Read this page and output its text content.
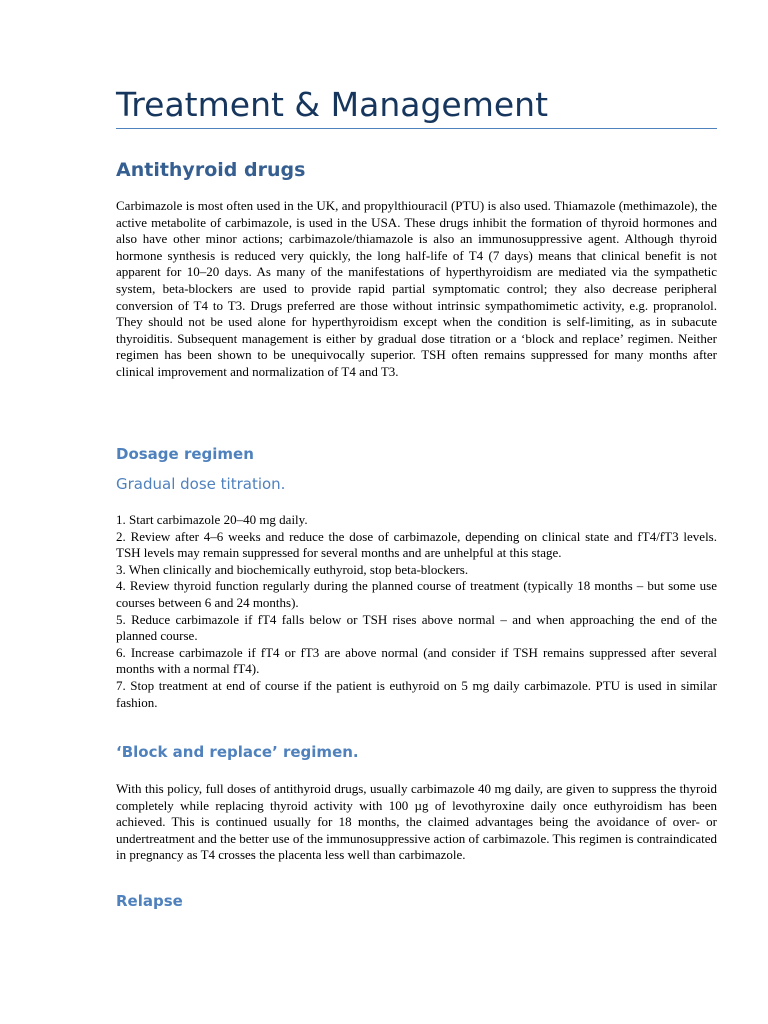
Treatment & Management
Antithyroid drugs

Carbimazole is most often used in the UK, and propylthiouracil (PTU) is also used. Thiamazole (methimazole), the active metabolite of carbimazole, is used in the USA. These drugs inhibit the formation of thyroid hormones and also have other minor actions; carbimazole/thiamazole is also an immunosuppressive agent. Although thyroid hormone synthesis is reduced very quickly, the long half-life of T4 (7 days) means that clinical benefit is not apparent for 10–20 days. As many of the manifestations of hyperthyroidism are mediated via the sympathetic system, beta-blockers are used to provide rapid partial symptomatic control; they also decrease peripheral conversion of T4 to T3. Drugs preferred are those without intrinsic sympathomimetic activity, e.g. propranolol. They should not be used alone for hyperthyroidism except when the condition is self-limiting, as in subacute thyroiditis. Subsequent management is either by gradual dose titration or a ‘block and replace’ regimen. Neither regimen has been shown to be unequivocally superior. TSH often remains suppressed for many months after clinical improvement and normalization of T4 and T3.

Dosage regimen
Gradual dose titration.
1. Start carbimazole 20–40 mg daily.
2. Review after 4–6 weeks and reduce the dose of carbimazole, depending on clinical state and fT4/fT3 levels. TSH levels may remain suppressed for several months and are unhelpful at this stage.
3. When clinically and biochemically euthyroid, stop beta-blockers.
4. Review thyroid function regularly during the planned course of treatment (typically 18 months – but some use courses between 6 and 24 months).
5. Reduce carbimazole if fT4 falls below or TSH rises above normal – and when approaching the end of the planned course.
6. Increase carbimazole if fT4 or fT3 are above normal (and consider if TSH remains suppressed after several months with a normal fT4).
7. Stop treatment at end of course if the patient is euthyroid on 5 mg daily carbimazole. PTU is used in similar fashion.
‘Block and replace’ regimen.

With this policy, full doses of antithyroid drugs, usually carbimazole 40 mg daily, are given to suppress the thyroid completely while replacing thyroid activity with 100 µg of levothyroxine daily once euthyroidism has been achieved. This is continued usually for 18 months, the claimed advantages being the avoidance of over- or undertreatment and the better use of the immunosuppressive action of carbimazole. This regimen is contraindicated in pregnancy as T4 crosses the placenta less well than carbimazole.

Relapse
